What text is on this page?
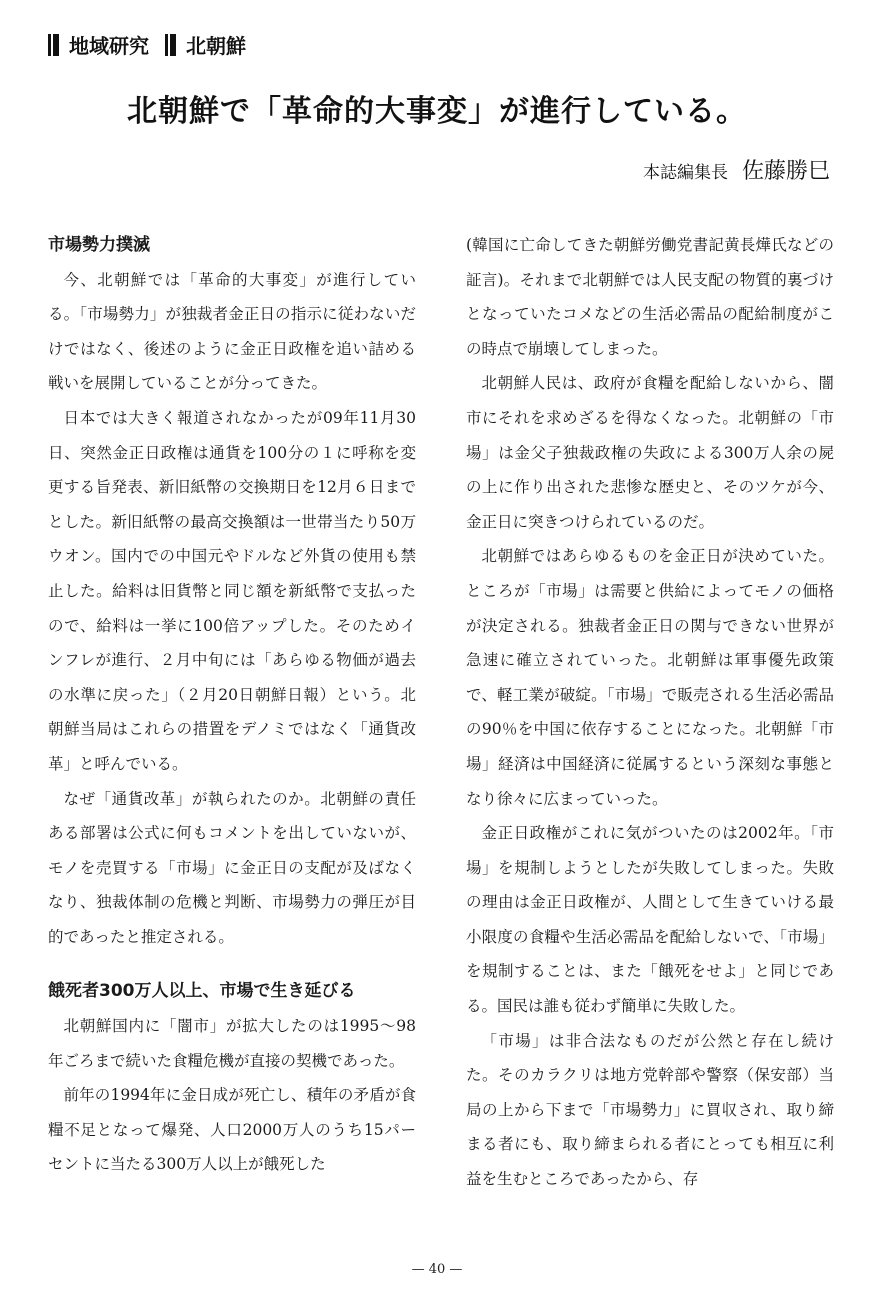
地域研究 北朝鮮
北朝鮮で「革命的大事変」が進行している。
本誌編集長 佐藤勝巳
市場勢力撲滅

今、北朝鮮では「革命的大事変」が進行している。「市場勢力」が独裁者金正日の指示に従わないだけではなく、後述のように金正日政権を追い詰める戦いを展開していることが分ってきた。

日本では大きく報道されなかったが09年11月30日、突然金正日政権は通貨を100分の１に呼称を変更する旨発表、新旧紙幣の交換期日を12月６日までとした。新旧紙幣の最高交換額は一世帯当たり50万ウオン。国内での中国元やドルなど外貨の使用も禁止した。給料は旧貨幣と同じ額を新紙幣で支払ったので、給料は一挙に100倍アップした。そのためインフレが進行、２月中旬には「あらゆる物価が過去の水準に戻った」（２月20日朝鮮日報）という。北朝鮮当局はこれらの措置をデノミではなく「通貨改革」と呼んでいる。

なぜ「通貨改革」が執られたのか。北朝鮮の責任ある部署は公式に何もコメントを出していないが、モノを売買する「市場」に金正日の支配が及ばなくなり、独裁体制の危機と判断、市場勢力の弾圧が目的であったと推定される。

餓死者300万人以上、市場で生き延びる

北朝鮮国内に「闇市」が拡大したのは1995～98年ごろまで続いた食糧危機が直接の契機であった。

前年の1994年に金日成が死亡し、積年の矛盾が食糧不足となって爆発、人口2000万人のうち15パーセントに当たる300万人以上が餓死した

(韓国に亡命してきた朝鮮労働党書記黄長燁氏などの証言)。それまで北朝鮮では人民支配の物質的裏づけとなっていたコメなどの生活必需品の配給制度がこの時点で崩壊してしまった。

北朝鮮人民は、政府が食糧を配給しないから、闇市にそれを求めざるを得なくなった。北朝鮮の「市場」は金父子独裁政権の失政による300万人余の屍の上に作り出された悲惨な歴史と、そのツケが今、金正日に突きつけられているのだ。

北朝鮮ではあらゆるものを金正日が決めていた。ところが「市場」は需要と供給によってモノの価格が決定される。独裁者金正日の関与できない世界が急速に確立されていった。北朝鮮は軍事優先政策で、軽工業が破綻。「市場」で販売される生活必需品の90％を中国に依存することになった。北朝鮮「市場」経済は中国経済に従属するという深刻な事態となり徐々に広まっていった。

金正日政権がこれに気がついたのは2002年。「市場」を規制しようとしたが失敗してしまった。失敗の理由は金正日政権が、人間として生きていける最小限度の食糧や生活必需品を配給しないで、「市場」を規制することは、また「餓死をせよ」と同じである。国民は誰も従わず簡単に失敗した。

「市場」は非合法なものだが公然と存在し続けた。そのカラクリは地方党幹部や警察（保安部）当局の上から下まで「市場勢力」に買収され、取り締まる者にも、取り締まられる者にとっても相互に利益を生むところであったから、存

— 40 —
